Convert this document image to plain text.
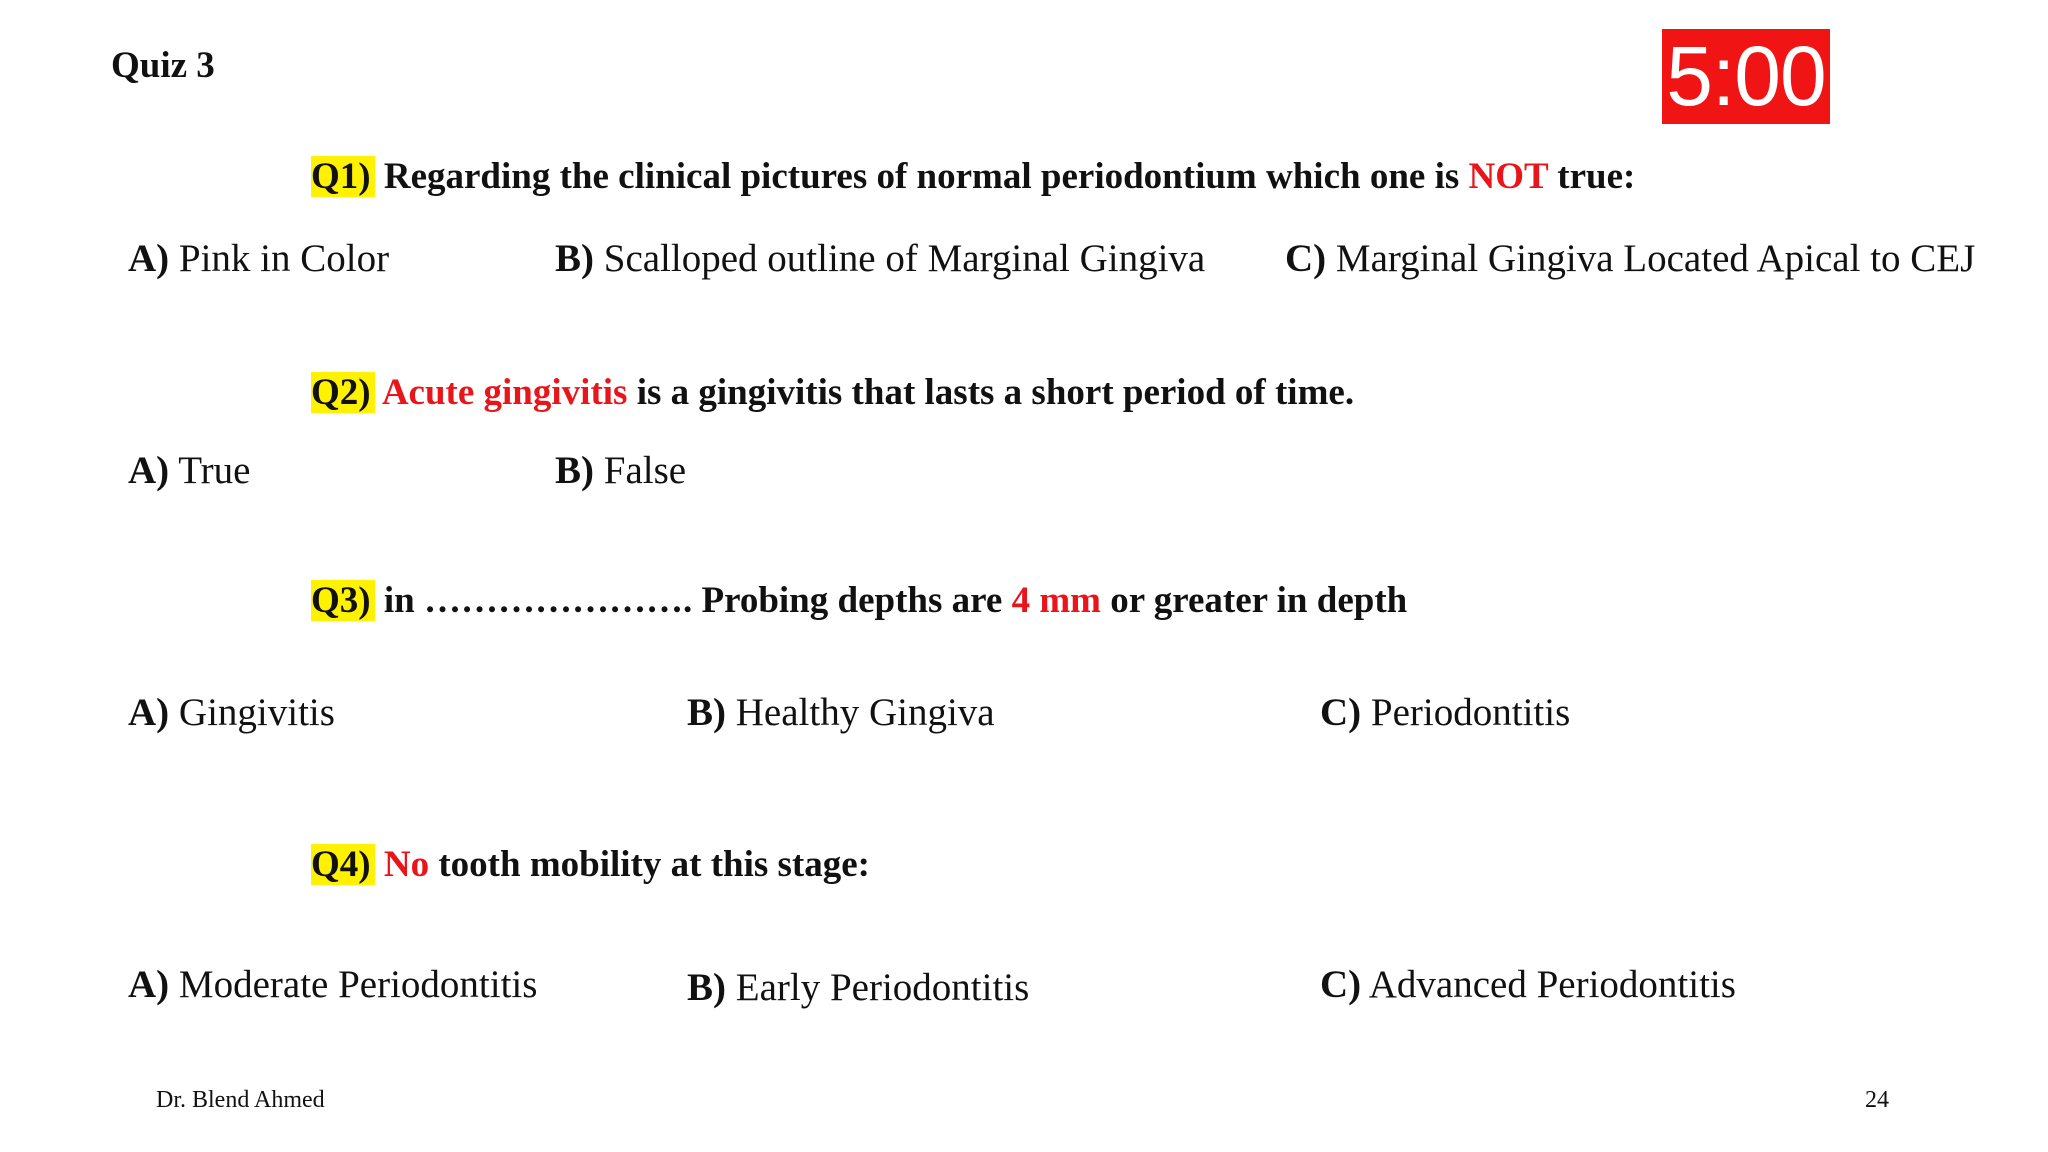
Quiz 3	5:00
Q1) Regarding the clinical pictures of normal periodontium which one is NOT true:
A) Pink in Color	B) Scalloped outline of Marginal Gingiva C) Marginal Gingiva Located Apical to CEJ
Q2) Acute gingivitis is a gingivitis that lasts a short period of time.
A) True	B) False
Q3) in …………………. Probing depths are 4 mm or greater in depth
A) Gingivitis	B) Healthy Gingiva	C) Periodontitis
Q4) No tooth mobility at this stage:
A) Moderate Periodontitis	B) Early Periodontitis	C) Advanced Periodontitis
Dr. Blend Ahmed	24
